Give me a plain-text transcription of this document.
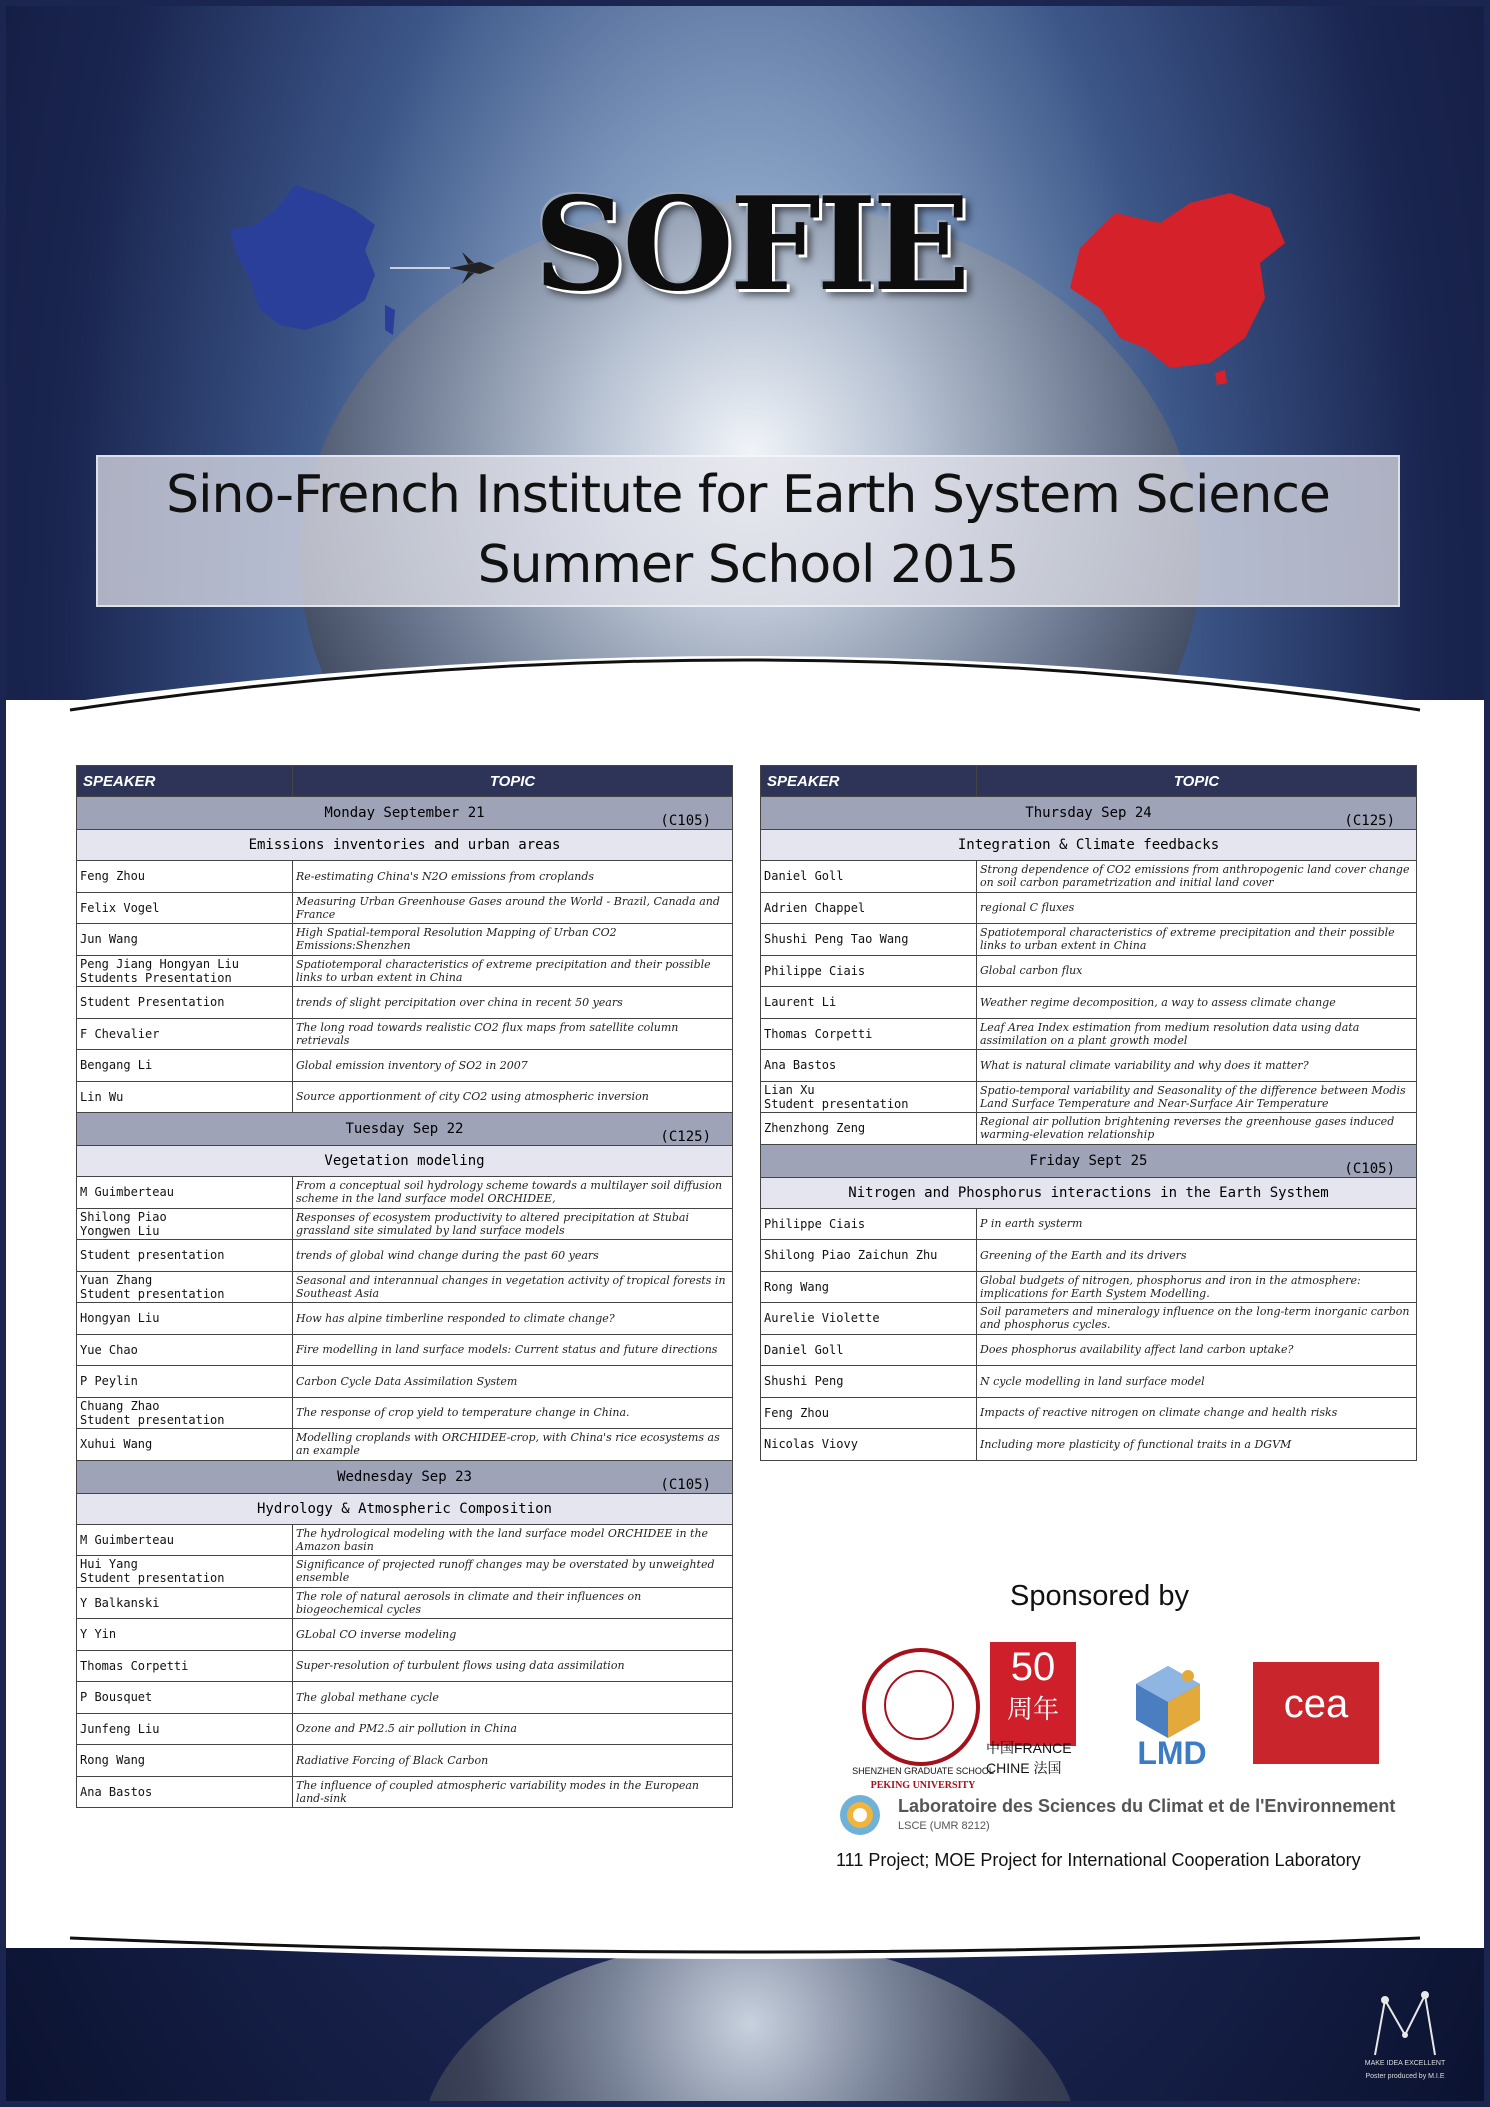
SOFIE
Sino-French Institute for Earth System Science
Summer School 2015
SPEAKER	TOPIC

Monday September 21 (C105)	

Emissions inventories and urban areas	
Feng Zhou	Re-estimating China's N2O emissions from croplands
Felix Vogel	Measuring Urban Greenhouse Gases around the World - Brazil, Canada and France
Jun Wang	High Spatial-temporal Resolution Mapping of Urban CO2 Emissions:Shenzhen
Peng Jiang Hongyan Liu
Students Presentation	Spatiotemporal characteristics of extreme precipitation and their possible links to urban extent in China
Student Presentation	trends of slight percipitation over china in recent 50 years
F Chevalier	The long road towards realistic CO2 flux maps from satellite column retrievals
Bengang Li	Global emission inventory of SO2 in 2007
Lin Wu	Source apportionment of city CO2 using atmospheric inversion

Tuesday Sep 22 (C125)	

Vegetation modeling	
M Guimberteau	From a conceptual soil hydrology scheme towards a multilayer soil diffusion scheme in the land surface model ORCHIDEE,
Shilong Piao
Yongwen Liu	Responses of ecosystem productivity to altered precipitation at Stubai grassland site simulated by land surface models
Student presentation	trends of global wind change during the past 60 years
Yuan Zhang
Student presentation	Seasonal and interannual changes in vegetation activity of tropical forests in Southeast Asia
Hongyan Liu	How has alpine timberline responded to climate change?
Yue Chao	Fire modelling in land surface models: Current status and future directions
P Peylin	Carbon Cycle Data Assimilation System
Chuang Zhao
Student presentation	The response of crop yield to temperature change in China.
Xuhui Wang	Modelling croplands with ORCHIDEE-crop, with China's rice ecosystems as an example

Wednesday Sep 23 (C105)	

Hydrology & Atmospheric Composition	
M Guimberteau	The hydrological modeling with the land surface model ORCHIDEE in the Amazon basin
Hui Yang
Student presentation	Significance of projected runoff changes may be overstated by unweighted ensemble
Y Balkanski	The role of natural aerosols in climate and their influences on biogeochemical cycles
Y Yin	GLobal CO inverse modeling
Thomas Corpetti	Super-resolution of turbulent flows using data assimilation
P Bousquet	The global methane cycle
Junfeng Liu	Ozone and PM2.5 air pollution in China
Rong Wang	Radiative Forcing of Black Carbon
Ana Bastos	The influence of coupled atmospheric variability modes in the European land-sink
SPEAKER	TOPIC

Thursday Sep 24 (C125)	

Integration & Climate feedbacks	
Daniel Goll	Strong dependence of CO2 emissions from anthropogenic land cover change on soil carbon parametrization and initial land cover
Adrien Chappel	regional C fluxes
Shushi Peng Tao Wang	Spatiotemporal characteristics of extreme precipitation and their possible links to urban extent in China
Philippe Ciais	Global carbon flux
Laurent Li	Weather regime decomposition, a way to assess climate change
Thomas Corpetti	Leaf Area Index estimation from medium resolution data using data assimilation on a plant growth model
Ana Bastos	What is natural climate variability and why does it matter?
Lian Xu
Student presentation	Spatio-temporal variability and Seasonality of the difference between Modis Land Surface Temperature and Near-Surface Air Temperature
Zhenzhong Zeng	Regional air pollution brightening reverses the greenhouse gases induced warming-elevation relationship

Friday Sept 25 (C105)	

Nitrogen and Phosphorus interactions in the Earth Systhem	
Philippe Ciais	P in earth systerm
Shilong Piao Zaichun Zhu	Greening of the Earth and its drivers
Rong Wang	Global budgets of nitrogen, phosphorus and iron in the atmosphere: implications for Earth System Modelling.
Aurelie Violette	Soil parameters and mineralogy influence on the long-term inorganic carbon and phosphorus cycles.
Daniel Goll	Does phosphorus availability affect land carbon uptake?
Shushi Peng	N cycle modelling in land surface model
Feng Zhou	Impacts of reactive nitrogen on climate change and health risks
Nicolas Viovy	Including more plasticity of functional traits in a DGVM
Sponsored by
SHENZHEN GRADUATE SCHOOL
PEKING UNIVERSITY
50
周年
中国FRANCE
CHINE 法国	LMD
cea
Laboratoire des Sciences du Climat et de l'Environnement
LSCE (UMR 8212)
111 Project; MOE Project for International Cooperation Laboratory
MAKE IDEA EXCELLENT
Poster produced by M.I.E
